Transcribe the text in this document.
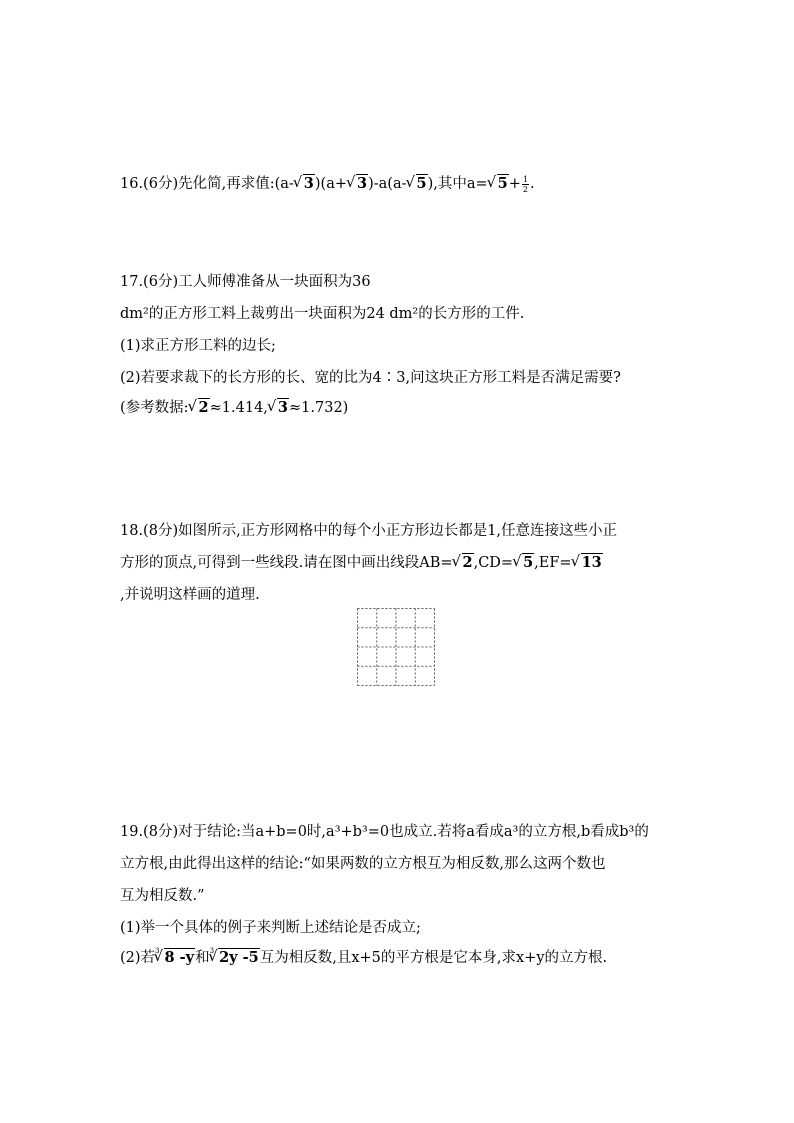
16.(6分)先化简,再求值:(a- √ 3)(a+ √ 3)-a(a- √ 5),其中a= √ $5+ \frac{1}{2}$ .
17.(6分)工人师傅准备从一块面积为36
dm²的正方形工料上裁剪出一块面积为24 dm²的长方形的工件.
(1)求正方形工料的边长;
(2)若要求裁下的长方形的长、宽的比为4∶3,问这块正方形工料是否满足需要?
(参考数据: √ 2≈1.414, √ 3≈1.732)
18.(8分)如图所示,正方形网格中的每个小正方形边长都是1,任意连接这些小正
方形的顶点,可得到一些线段.请在图中画出线段AB= √ 2,CD= √ 5,EF= √ 13
,并说明这样画的道理.
19.(8分)对于结论:当a+b=0时,a³+b³=0也成立.若将a看成a³的立方根,b看成b³的
立方根,由此得出这样的结论:“如果两数的立方根互为相反数,那么这两个数也
互为相反数.”
(1)举一个具体的例子来判断上述结论是否成立;
(2)若$^3$ √ 8 -y和$^3$ √ 2y -5互为相反数,且x+5的平方根是它本身,求x+y的立方根.
